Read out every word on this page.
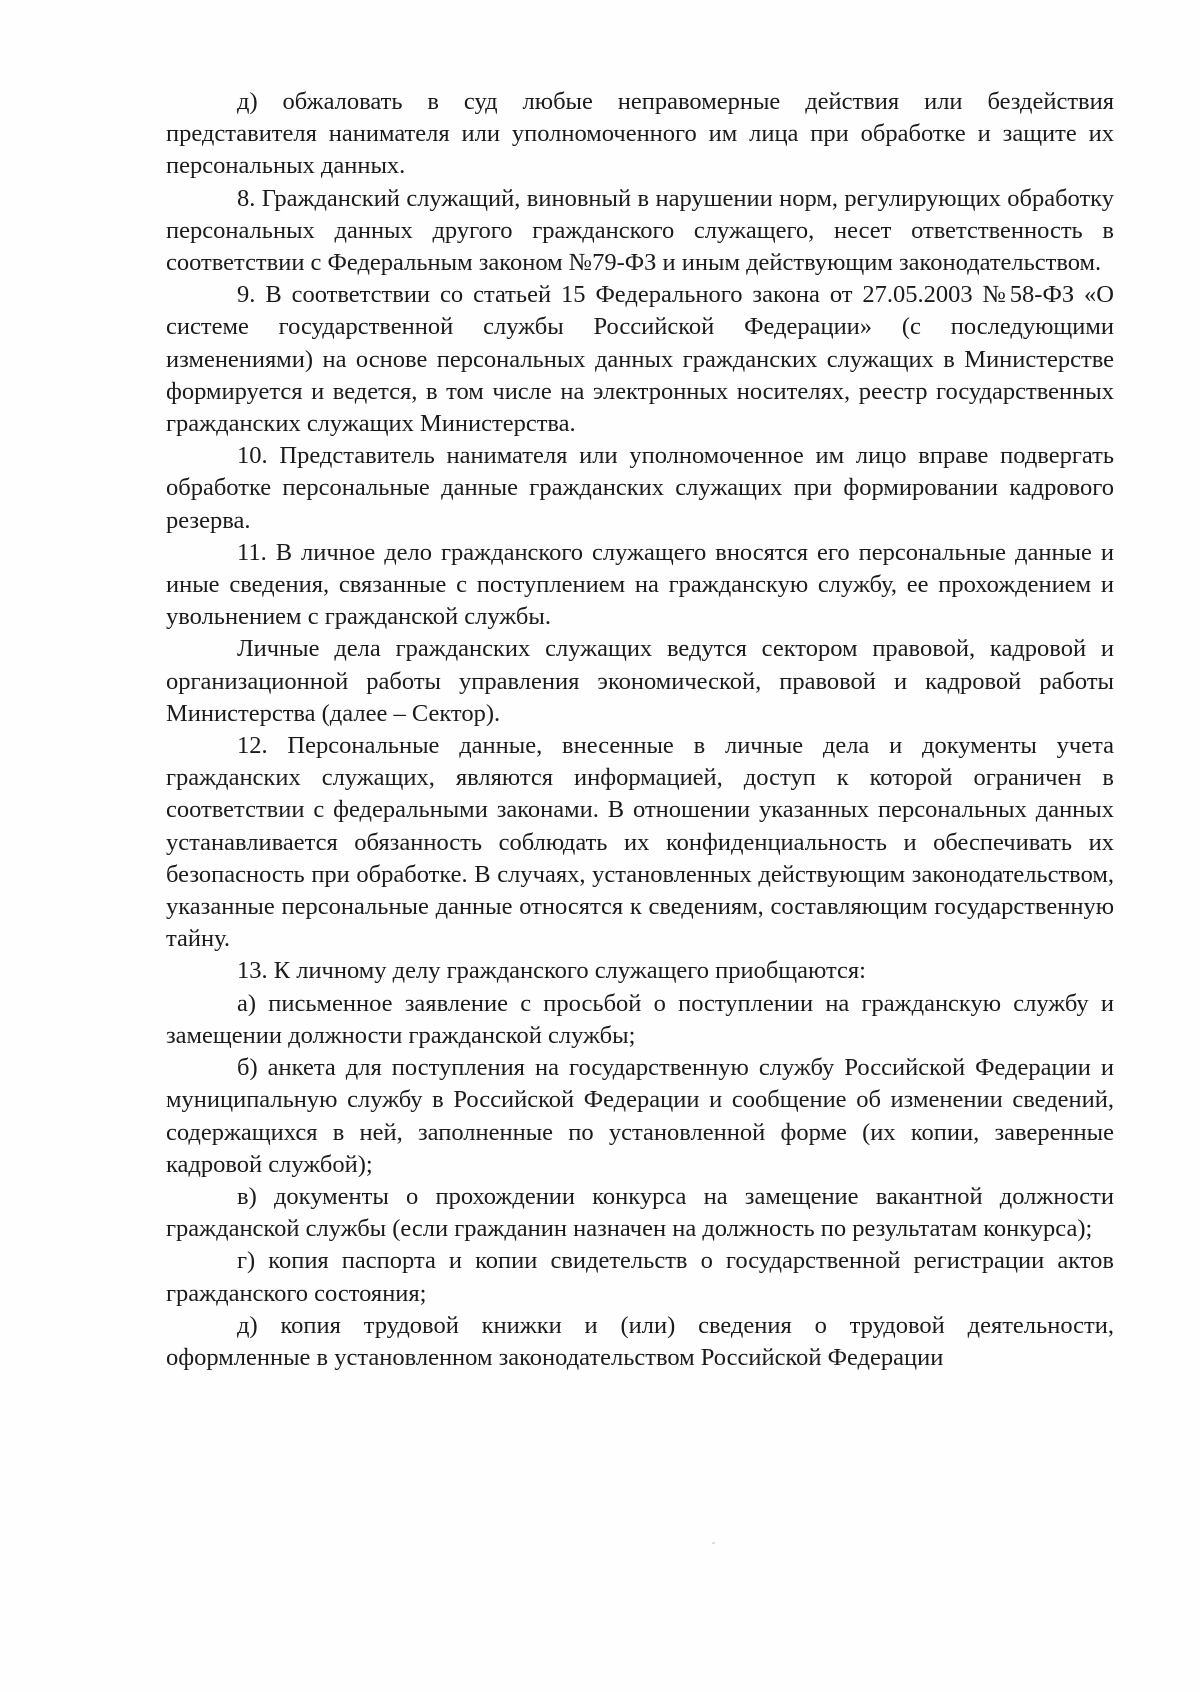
д) обжаловать в суд любые неправомерные действия или бездействия представителя нанимателя или уполномоченного им лица при обработке и защите их персональных данных.

8. Гражданский служащий, виновный в нарушении норм, регулирующих обработку персональных данных другого гражданского служащего, несет ответственность в соответствии с Федеральным законом №79-ФЗ и иным действующим законодательством.

9. В соответствии со статьей 15 Федерального закона от 27.05.2003 №58-ФЗ «О системе государственной службы Российской Федерации» (с последующими изменениями) на основе персональных данных гражданских служащих в Министерстве формируется и ведется, в том числе на электронных носителях, реестр государственных гражданских служащих Министерства.

10. Представитель нанимателя или уполномоченное им лицо вправе подвергать обработке персональные данные гражданских служащих при формировании кадрового резерва.

11. В личное дело гражданского служащего вносятся его персональные данные и иные сведения, связанные с поступлением на гражданскую службу, ее прохождением и увольнением с гражданской службы.

Личные дела гражданских служащих ведутся сектором правовой, кадровой и организационной работы управления экономической, правовой и кадровой работы Министерства (далее – Сектор).

12. Персональные данные, внесенные в личные дела и документы учета гражданских служащих, являются информацией, доступ к которой ограничен в соответствии с федеральными законами. В отношении указанных персональных данных устанавливается обязанность соблюдать их конфиденциальность и обеспечивать их безопасность при обработке. В случаях, установленных действующим законодательством, указанные персональные данные относятся к сведениям, составляющим государственную тайну.

13. К личному делу гражданского служащего приобщаются:

а) письменное заявление с просьбой о поступлении на гражданскую службу и замещении должности гражданской службы;

б) анкета для поступления на государственную службу Российской Федерации и муниципальную службу в Российской Федерации и сообщение об изменении сведений, содержащихся в ней, заполненные по установленной форме (их копии, заверенные кадровой службой);

в) документы о прохождении конкурса на замещение вакантной должности гражданской службы (если гражданин назначен на должность по результатам конкурса);

г) копия паспорта и копии свидетельств о государственной регистрации актов гражданского состояния;

д) копия трудовой книжки и (или) сведения о трудовой деятельности, оформленные в установленном законодательством Российской Федерации
